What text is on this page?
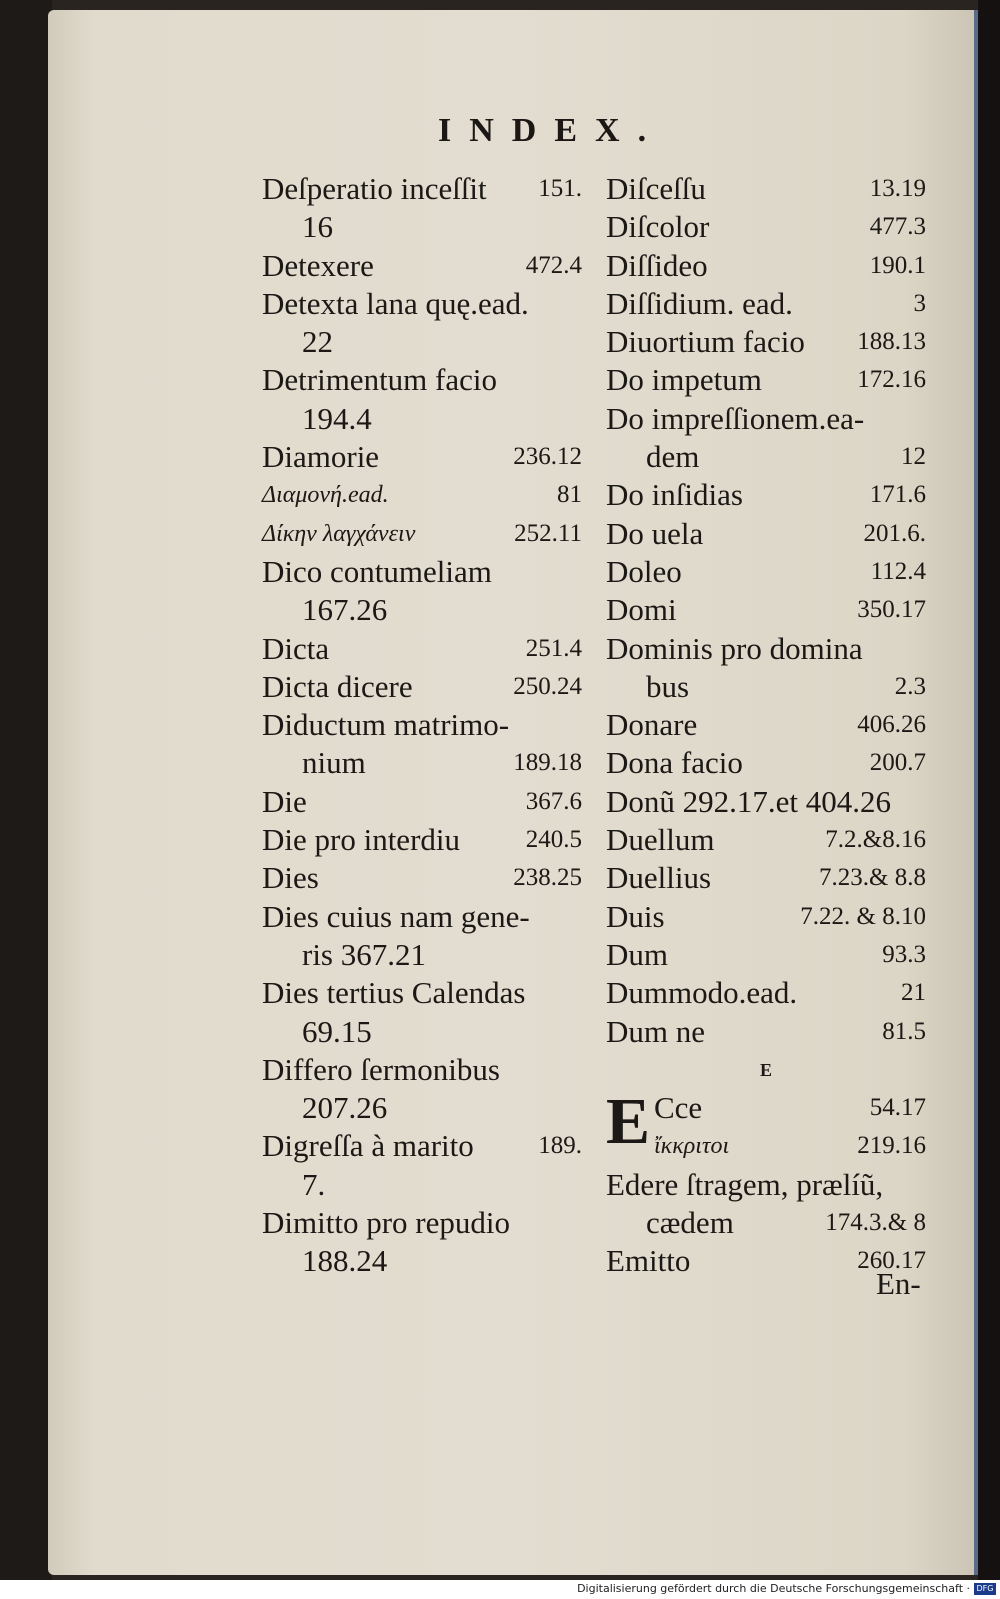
INDEX.
Deſperatio inceſſit 151.
16
Detexere	472.4
Detexta lana quę.ead.
22
Detrimentum facio
194.4
Diamorie	236.12
Διαμονή.ead.	81
Δίκην λαγχάνειν	252.11
Dico contumeliam
167.26
Dicta	251.4
Dicta dicere	250.24
Diductum matrimo-
nium	189.18
Die	367.6
Die pro interdiu	240.5
Dies	238.25
Dies cuius nam gene-
ris 367.21
Dies tertius Calendas
69.15
Differo ſermonibus
207.26
Digreſſa à marito	189.
7.
Dimitto pro repudio
188.24
Diſceſſu	13.19
Diſcolor	477.3
Diſſideo	190.1
Diſſidium. ead.	3
Diuortium facio 188.13
Do impetum	172.16
Do impreſſionem.ea-
dem	12
Do inſidias	171.6
Do uela	201.6.
Doleo	112.4
Domi	350.17
Dominis pro domina
bus	2.3
Donare	406.26
Dona facio	200.7
Donũ 292.17.et 404.26
Duellum	7.2.&8.16
Duellius	7.23.& 8.8
Duis	7.22. & 8.10
Dum	93.3
Dummodo.ead.	21
Dum ne	81.5
E
E Cce	54.17
ἴκκριτοι	219.16
Edere ſtragem, prælíũ,
cædem	174.3.& 8
Emitto	260.17
En-
Digitalisierung gefördert durch die Deutsche Forschungsgemeinschaft · DFG
